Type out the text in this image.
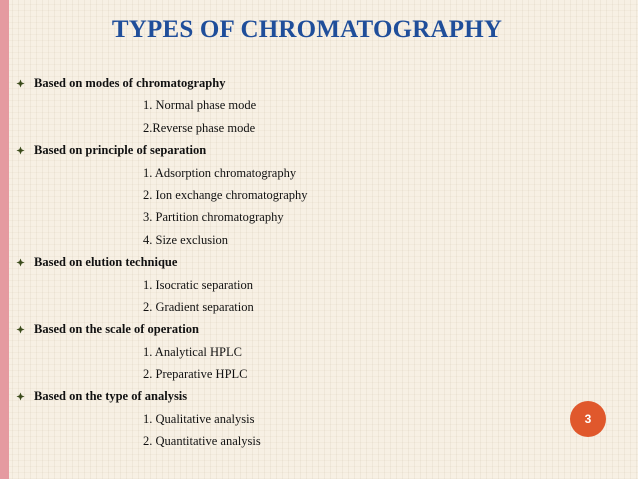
TYPES OF CHROMATOGRAPHY
Based on modes of chromatography
1. Normal phase mode
2.Reverse phase mode
Based on principle of separation
1. Adsorption chromatography
2. Ion exchange chromatography
3. Partition chromatography
4. Size exclusion
Based on elution technique
1. Isocratic separation
2. Gradient separation
Based on the scale of operation
1. Analytical HPLC
2. Preparative HPLC
Based on the type of analysis
1. Qualitative analysis
2. Quantitative analysis
3
